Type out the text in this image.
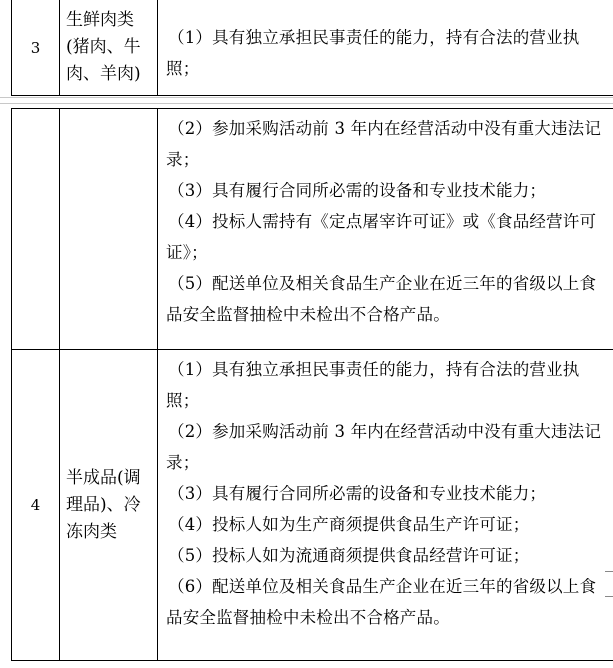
3
生鲜肉类(猪肉、牛肉、羊肉)

（1）具有独立承担民事责任的能力，持有合法的营业执照；

（2）参加采购活动前 3 年内在经营活动中没有重大违法记录；

（3）具有履行合同所必需的设备和专业技术能力；

（4）投标人需持有《定点屠宰许可证》或《食品经营许可证》；

（5）配送单位及相关食品生产企业在近三年的省级以上食品安全监督抽检中未检出不合格产品。

4
半成品(调理品)、冷冻肉类

（1）具有独立承担民事责任的能力，持有合法的营业执照；

（2）参加采购活动前 3 年内在经营活动中没有重大违法记录；

（3）具有履行合同所必需的设备和专业技术能力；

（4）投标人如为生产商须提供食品生产许可证；

（5）投标人如为流通商须提供食品经营许可证；

（6）配送单位及相关食品生产企业在近三年的省级以上食品安全监督抽检中未检出不合格产品。
